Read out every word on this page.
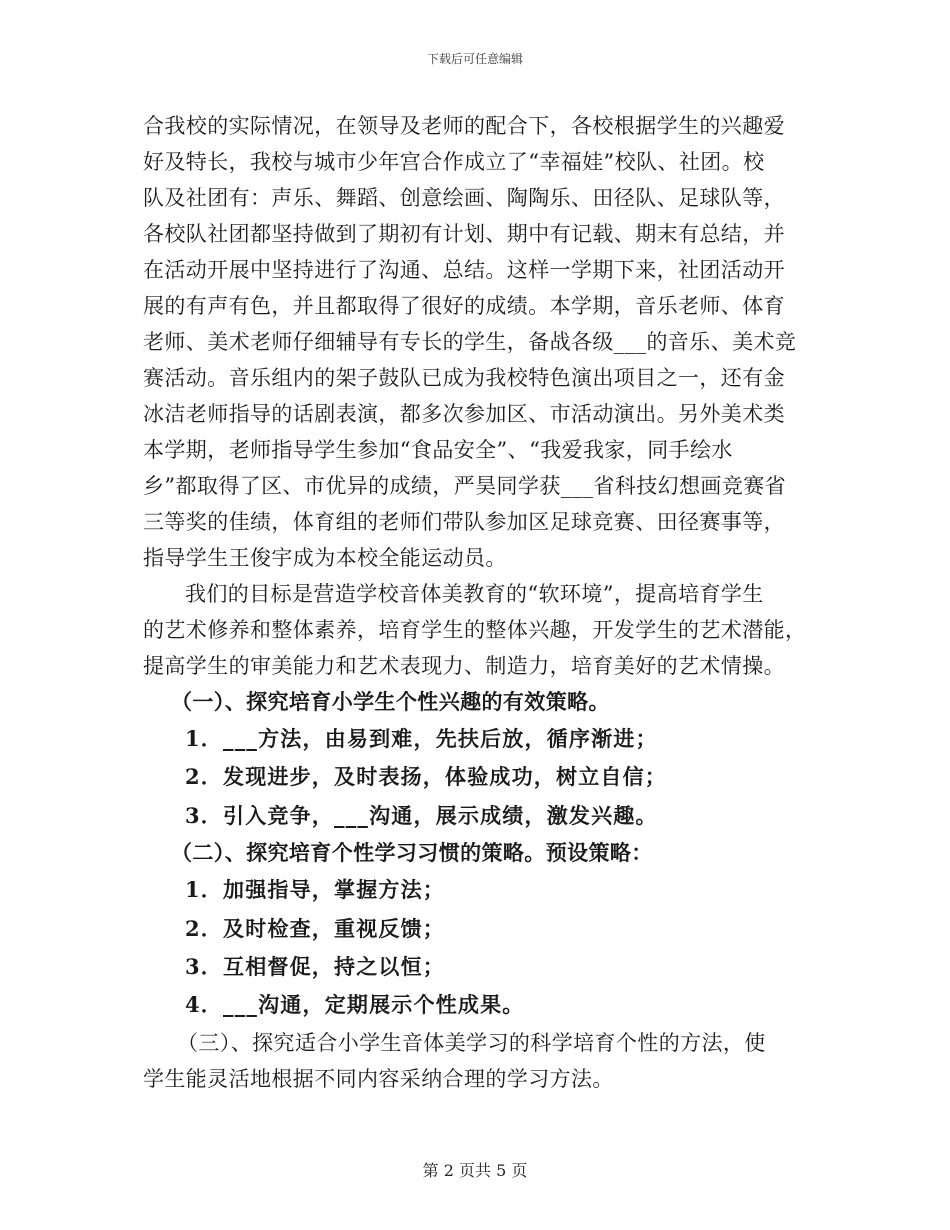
下载后可任意编辑
合我校的实际情况，在领导及老师的配合下，各校根据学生的兴趣爱
好及特长，我校与城市少年宫合作成立了“幸福娃”校队、社团。校
队及社团有：声乐、舞蹈、创意绘画、陶陶乐、田径队、足球队等，
各校队社团都坚持做到了期初有计划、期中有记载、期末有总结，并
在活动开展中坚持进行了沟通、总结。这样一学期下来，社团活动开
展的有声有色，并且都取得了很好的成绩。本学期，音乐老师、体育
老师、美术老师仔细辅导有专长的学生，备战各级___的音乐、美术竞
赛活动。音乐组内的架子鼓队已成为我校特色演出项目之一，还有金
冰洁老师指导的话剧表演，都多次参加区、市活动演出。另外美术类
本学期，老师指导学生参加“食品安全”、“我爱我家，同手绘水
乡”都取得了区、市优异的成绩，严昊同学获___省科技幻想画竞赛省
三等奖的佳绩，体育组的老师们带队参加区足球竞赛、田径赛事等，
指导学生王俊宇成为本校全能运动员。
我们的目标是营造学校音体美教育的“软环境”，提高培育学生
的艺术修养和整体素养，培育学生的整体兴趣，开发学生的艺术潜能，
提高学生的审美能力和艺术表现力、制造力，培育美好的艺术情操。
（一）、探究培育小学生个性兴趣的有效策略。
1．___方法，由易到难，先扶后放，循序渐进；
2．发现进步，及时表扬，体验成功，树立自信；
3．引入竞争，___沟通，展示成绩，激发兴趣。
（二）、探究培育个性学习习惯的策略。预设策略：
1．加强指导，掌握方法；
2．及时检查，重视反馈；
3．互相督促，持之以恒；
4．___沟通，定期展示个性成果。
（三）、探究适合小学生音体美学习的科学培育个性的方法，使
学生能灵活地根据不同内容采纳合理的学习方法。
第 2 页共 5 页
